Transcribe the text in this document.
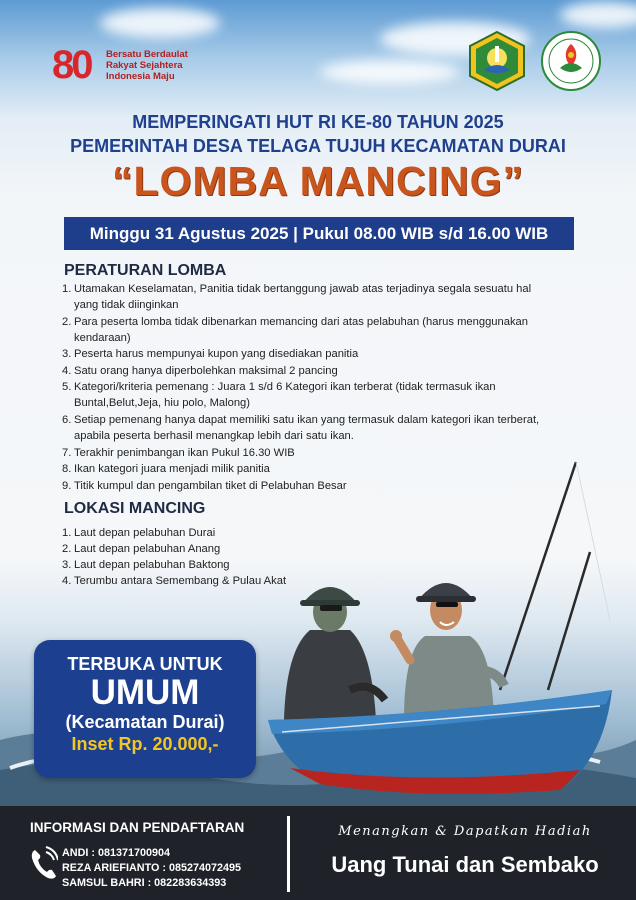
80	Bersatu Berdaulat
Rakyat Sejahtera
Indonesia Maju
MEMPERINGATI HUT RI KE-80 TAHUN 2025
PEMERINTAH DESA TELAGA TUJUH KECAMATAN DURAI
“LOMBA MANCING”
Minggu 31 Agustus 2025 | Pukul 08.00 WIB s/d 16.00 WIB
PERATURAN LOMBA
1. Utamakan Keselamatan, Panitia tidak bertanggung jawab atas terjadinya segala sesuatu hal
yang tidak diinginkan
2. Para peserta lomba tidak dibenarkan memancing dari atas pelabuhan (harus menggunakan
kendaraan)
3. Peserta harus mempunyai kupon yang disediakan panitia
4. Satu orang hanya diperbolehkan maksimal 2 pancing
5. Kategori/kriteria pemenang : Juara 1 s/d 6 Kategori ikan terberat (tidak termasuk ikan
Buntal,Belut,Jeja, hiu polo, Malong)
6. Setiap pemenang hanya dapat memiliki satu ikan yang termasuk dalam kategori ikan terberat,
apabila peserta berhasil menangkap lebih dari satu ikan.
7. Terakhir penimbangan ikan Pukul 16.30 WIB
8. Ikan kategori juara menjadi milik panitia
9. Titik kumpul dan pengambilan tiket di Pelabuhan Besar
LOKASI MANCING
1. Laut depan pelabuhan Durai
2. Laut depan pelabuhan Anang
3. Laut depan pelabuhan Baktong
4. Terumbu antara Semembang & Pulau Akat
TERBUKA UNTUK
UMUM
(Kecamatan Durai)
Inset Rp. 20.000,-
INFORMASI DAN PENDAFTARAN
ANDI : 081371700904
REZA ARIEFIANTO : 085274072495
SAMSUL BAHRI : 082283634393
Menangkan & Dapatkan Hadiah
Uang Tunai dan Sembako
